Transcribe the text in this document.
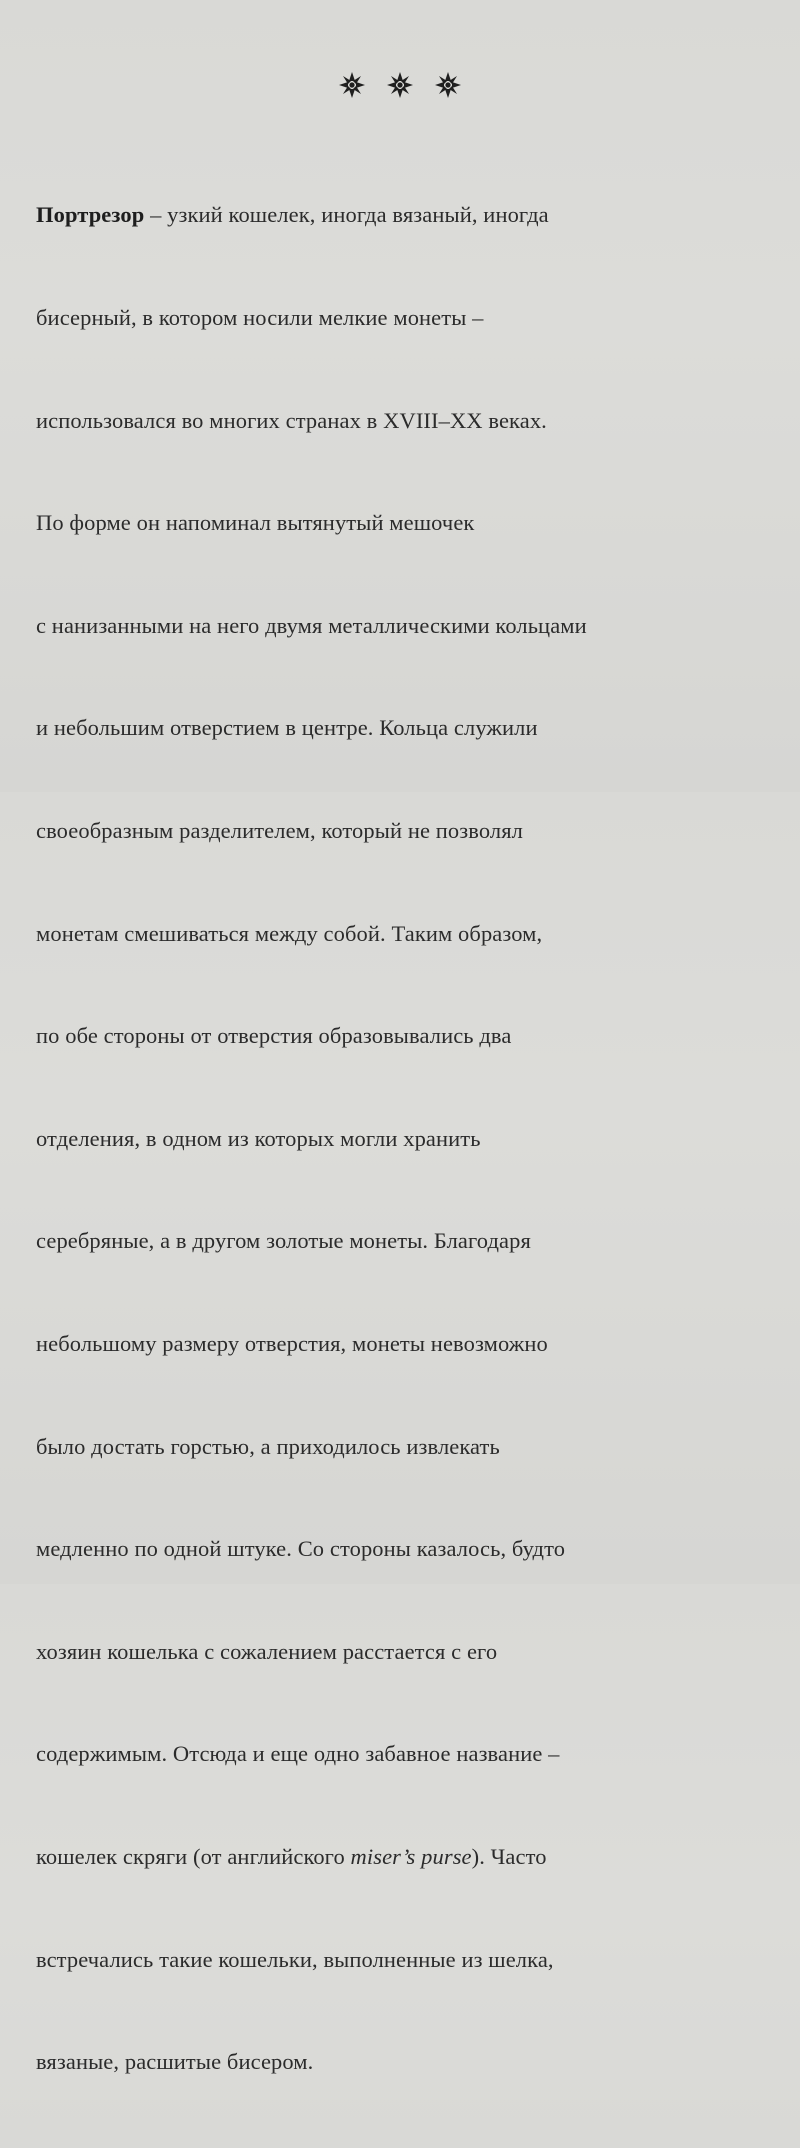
Портрезор – узкий кошелек, иногда вязаный, иногда

бисерный, в котором носили мелкие монеты –

использовался во многих странах в XVIII–XX веках.

По форме он напоминал вытянутый мешочек

с нанизанными на него двумя металлическими кольцами

и небольшим отверстием в центре. Кольца служили

своеобразным разделителем, который не позволял

монетам смешиваться между собой. Таким образом,

по обе стороны от отверстия образовывались два

отделения, в одном из которых могли хранить

серебряные, а в другом золотые монеты. Благодаря

небольшому размеру отверстия, монеты невозможно

было достать горстью, а приходилось извлекать

медленно по одной штуке. Со стороны казалось, будто

хозяин кошелька с сожалением расстается с его

содержимым. Отсюда и еще одно забавное название –

кошелек скряги (от английского miser’s purse). Часто

встречались такие кошельки, выполненные из шелка,

вязаные, расшитые бисером.
